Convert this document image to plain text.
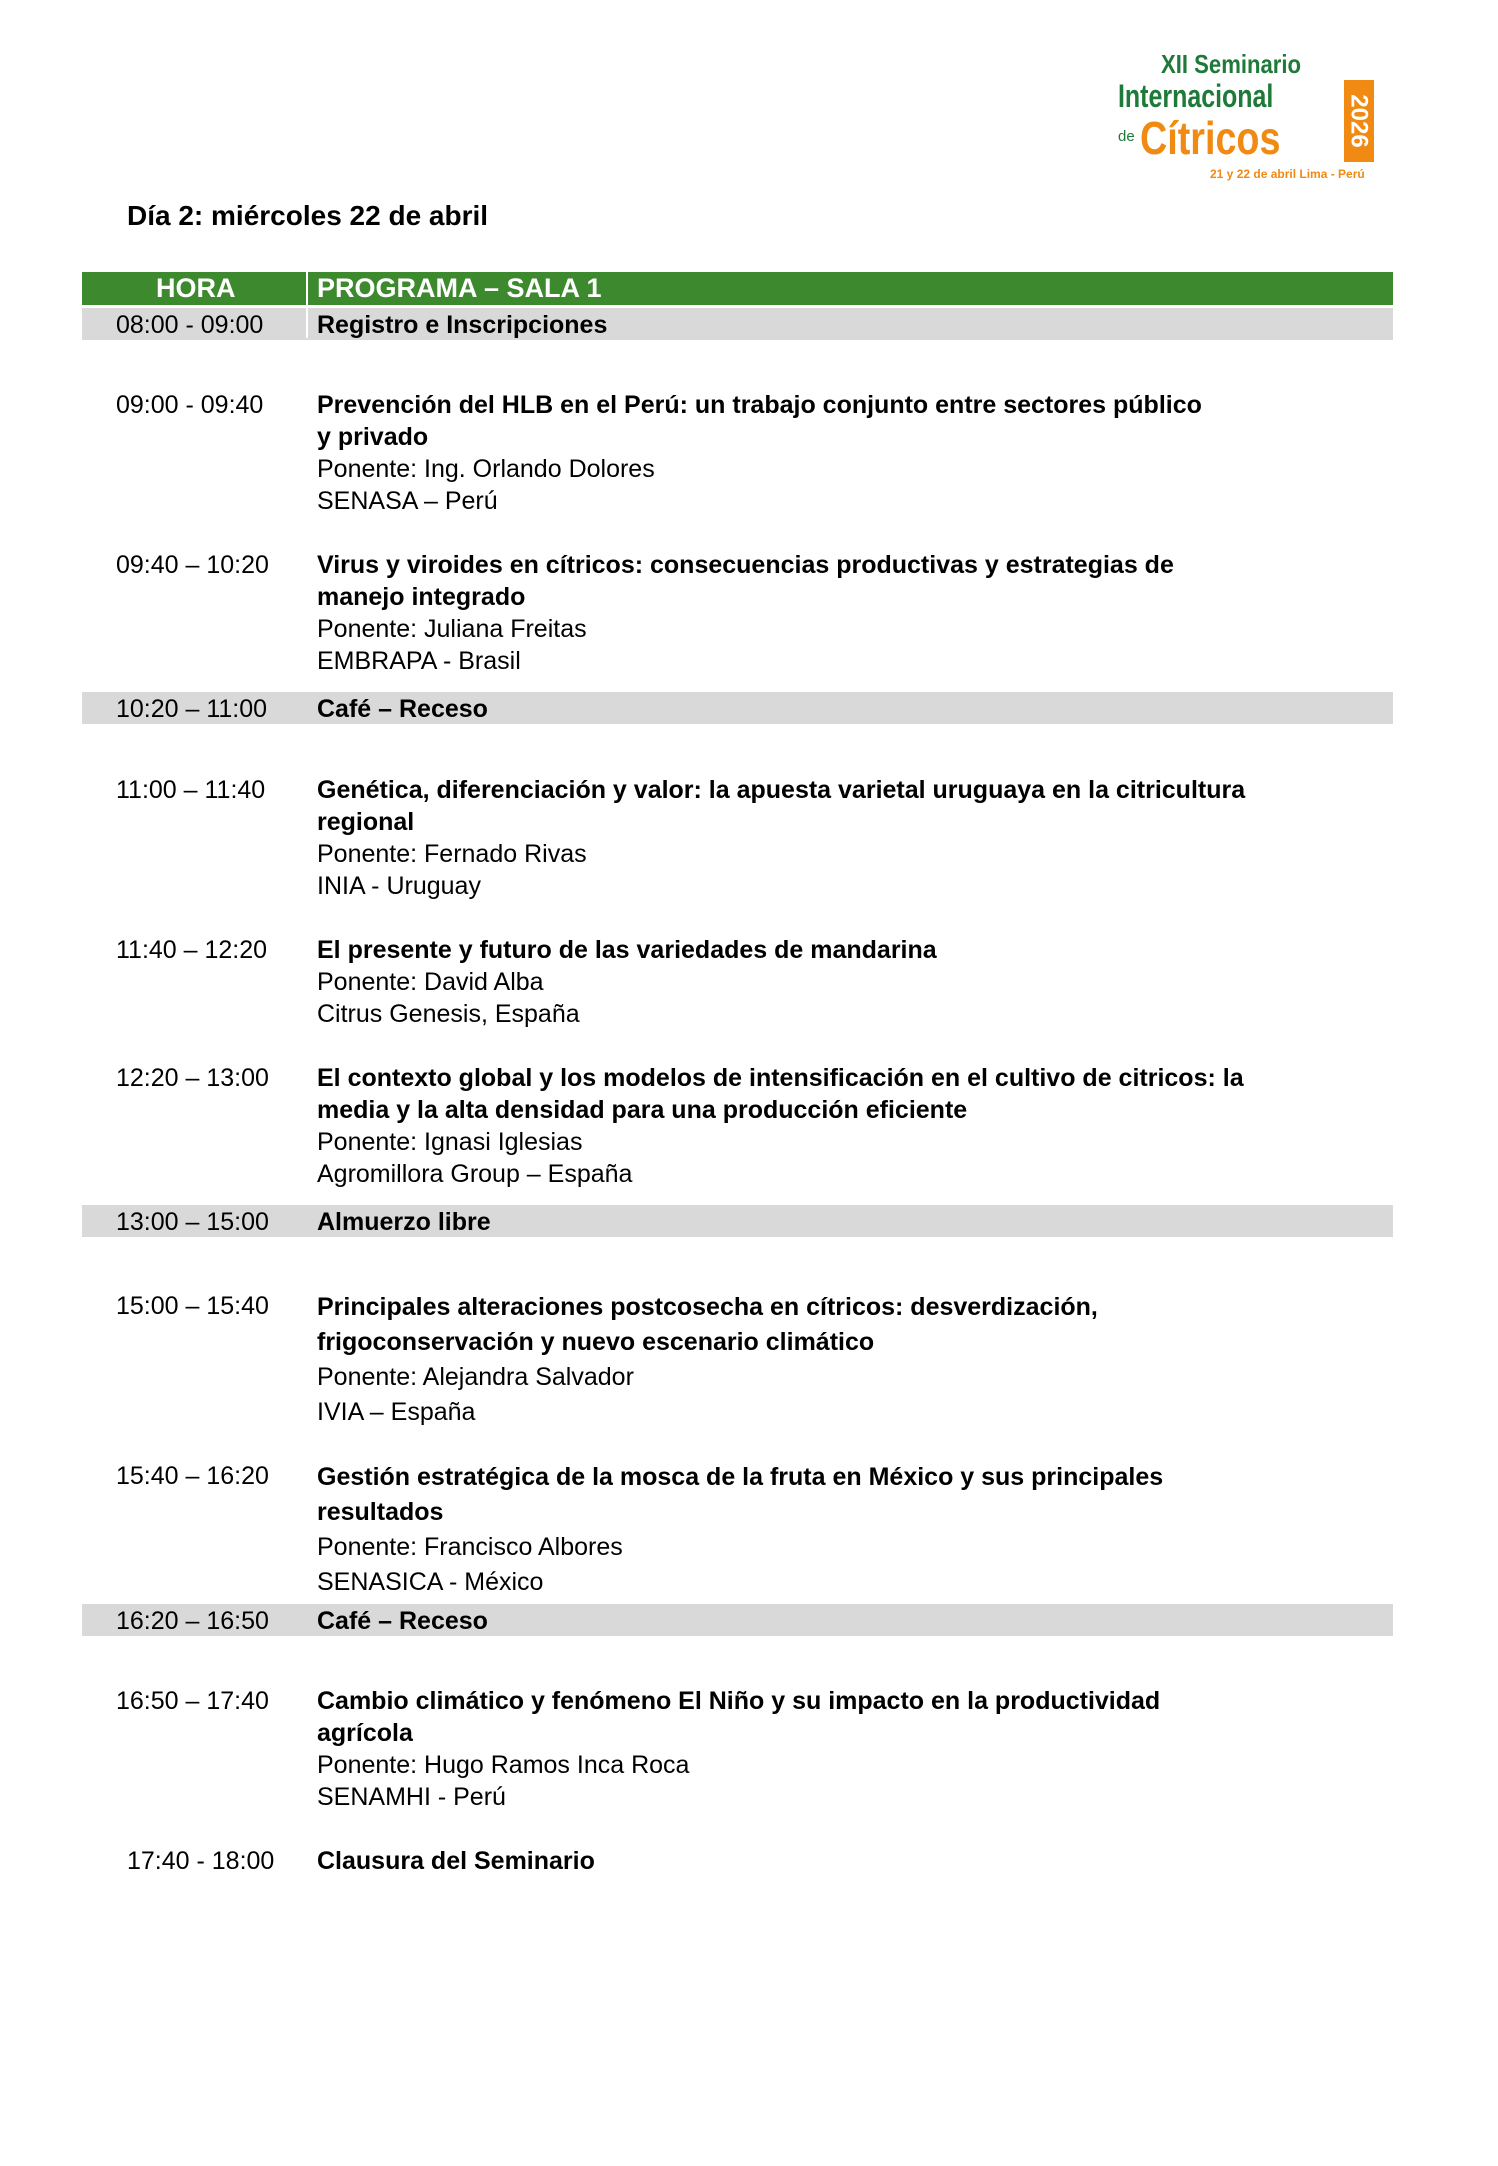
XII Seminario
Internacional
de Cítricos	2026
21 y 22 de abril Lima - Perú
Día 2: miércoles 22 de abril
HORA	PROGRAMA – SALA 1
08:00 - 09:00 Registro e Inscripciones
09:00 - 09:40 Prevención del HLB en el Perú: un trabajo conjunto entre sectores público
y privado
Ponente: Ing. Orlando Dolores
SENASA – Perú
09:40 – 10:20 Virus y viroides en cítricos: consecuencias productivas y estrategias de
manejo integrado
Ponente: Juliana Freitas
EMBRAPA - Brasil
10:20 – 11:00 Café – Receso
11:00 – 11:40 Genética, diferenciación y valor: la apuesta varietal uruguaya en la citricultura
regional
Ponente: Fernado Rivas
INIA - Uruguay
11:40 – 12:20 El presente y futuro de las variedades de mandarina
Ponente: David Alba
Citrus Genesis, España
12:20 – 13:00 El contexto global y los modelos de intensificación en el cultivo de citricos: la
media y la alta densidad para una producción eficiente
Ponente: Ignasi Iglesias
Agromillora Group – España
13:00 – 15:00 Almuerzo libre
15:00 – 15:40 Principales alteraciones postcosecha en cítricos: desverdización,
frigoconservación y nuevo escenario climático
Ponente: Alejandra Salvador
IVIA – España
15:40 – 16:20 Gestión estratégica de la mosca de la fruta en México y sus principales
resultados
Ponente: Francisco Albores
SENASICA - México
16:20 – 16:50 Café – Receso
16:50 – 17:40 Cambio climático y fenómeno El Niño y su impacto en la productividad
agrícola
Ponente: Hugo Ramos Inca Roca
SENAMHI - Perú
17:40 - 18:00 Clausura del Seminario
